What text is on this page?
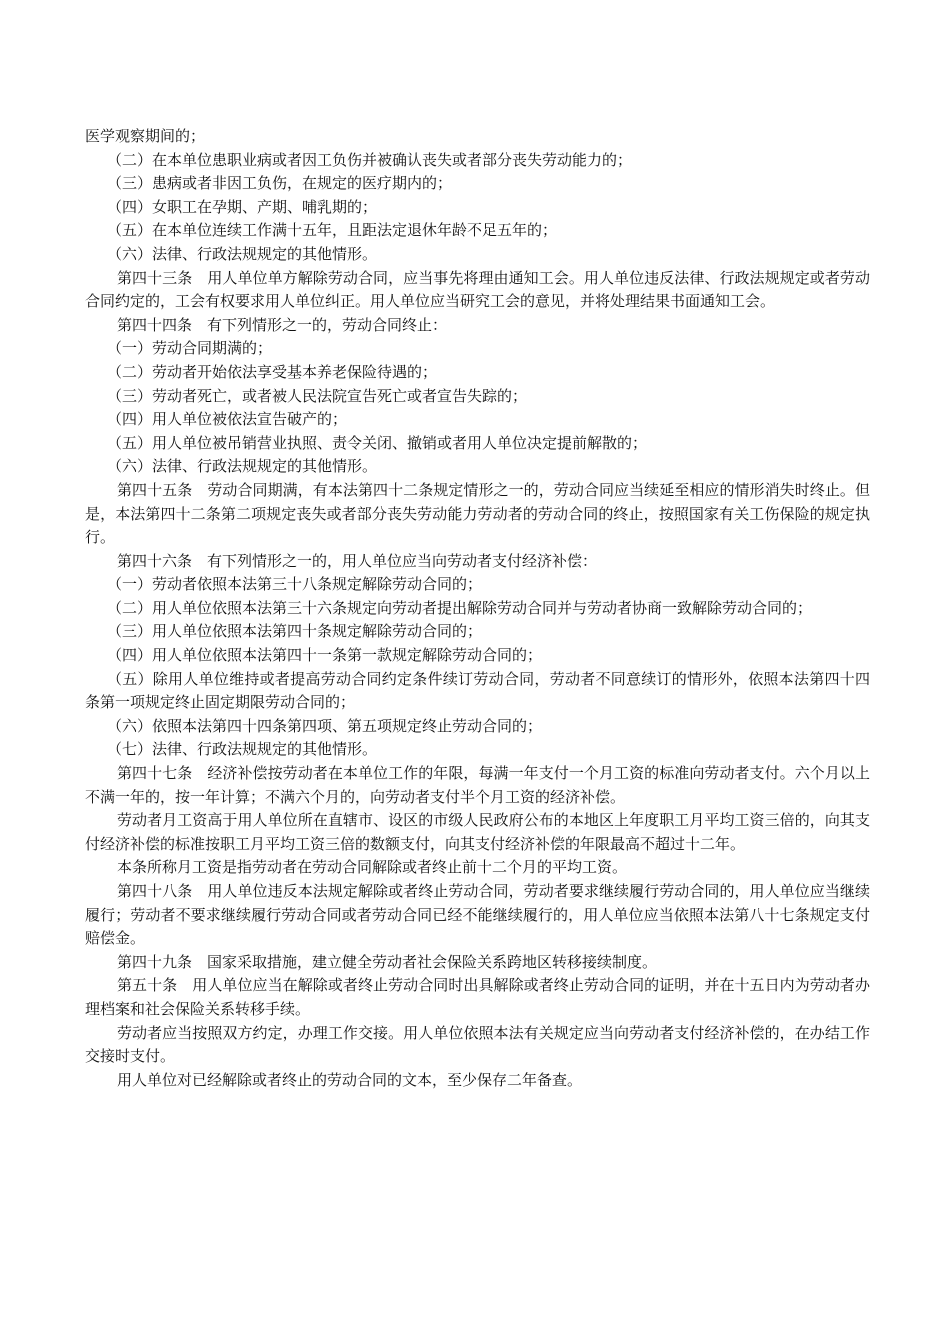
医学观察期间的；

（二）在本单位患职业病或者因工负伤并被确认丧失或者部分丧失劳动能力的；

（三）患病或者非因工负伤，在规定的医疗期内的；

（四）女职工在孕期、产期、哺乳期的；

（五）在本单位连续工作满十五年，且距法定退休年龄不足五年的；

（六）法律、行政法规规定的其他情形。

第四十三条　用人单位单方解除劳动合同，应当事先将理由通知工会。用人单位违反法律、行政法规规定或者劳动合同约定的，工会有权要求用人单位纠正。用人单位应当研究工会的意见，并将处理结果书面通知工会。

第四十四条　有下列情形之一的，劳动合同终止：

（一）劳动合同期满的；

（二）劳动者开始依法享受基本养老保险待遇的；

（三）劳动者死亡，或者被人民法院宣告死亡或者宣告失踪的；

（四）用人单位被依法宣告破产的；

（五）用人单位被吊销营业执照、责令关闭、撤销或者用人单位决定提前解散的；

（六）法律、行政法规规定的其他情形。

第四十五条　劳动合同期满，有本法第四十二条规定情形之一的，劳动合同应当续延至相应的情形消失时终止。但是，本法第四十二条第二项规定丧失或者部分丧失劳动能力劳动者的劳动合同的终止，按照国家有关工伤保险的规定执行。

第四十六条　有下列情形之一的，用人单位应当向劳动者支付经济补偿：

（一）劳动者依照本法第三十八条规定解除劳动合同的；

（二）用人单位依照本法第三十六条规定向劳动者提出解除劳动合同并与劳动者协商一致解除劳动合同的；

（三）用人单位依照本法第四十条规定解除劳动合同的；

（四）用人单位依照本法第四十一条第一款规定解除劳动合同的；

（五）除用人单位维持或者提高劳动合同约定条件续订劳动合同，劳动者不同意续订的情形外，依照本法第四十四条第一项规定终止固定期限劳动合同的；

（六）依照本法第四十四条第四项、第五项规定终止劳动合同的；

（七）法律、行政法规规定的其他情形。

第四十七条　经济补偿按劳动者在本单位工作的年限，每满一年支付一个月工资的标准向劳动者支付。六个月以上不满一年的，按一年计算；不满六个月的，向劳动者支付半个月工资的经济补偿。

劳动者月工资高于用人单位所在直辖市、设区的市级人民政府公布的本地区上年度职工月平均工资三倍的，向其支付经济补偿的标准按职工月平均工资三倍的数额支付，向其支付经济补偿的年限最高不超过十二年。

本条所称月工资是指劳动者在劳动合同解除或者终止前十二个月的平均工资。

第四十八条　用人单位违反本法规定解除或者终止劳动合同，劳动者要求继续履行劳动合同的，用人单位应当继续履行；劳动者不要求继续履行劳动合同或者劳动合同已经不能继续履行的，用人单位应当依照本法第八十七条规定支付赔偿金。

第四十九条　国家采取措施，建立健全劳动者社会保险关系跨地区转移接续制度。

第五十条　用人单位应当在解除或者终止劳动合同时出具解除或者终止劳动合同的证明，并在十五日内为劳动者办理档案和社会保险关系转移手续。

劳动者应当按照双方约定，办理工作交接。用人单位依照本法有关规定应当向劳动者支付经济补偿的，在办结工作交接时支付。

用人单位对已经解除或者终止的劳动合同的文本，至少保存二年备查。
